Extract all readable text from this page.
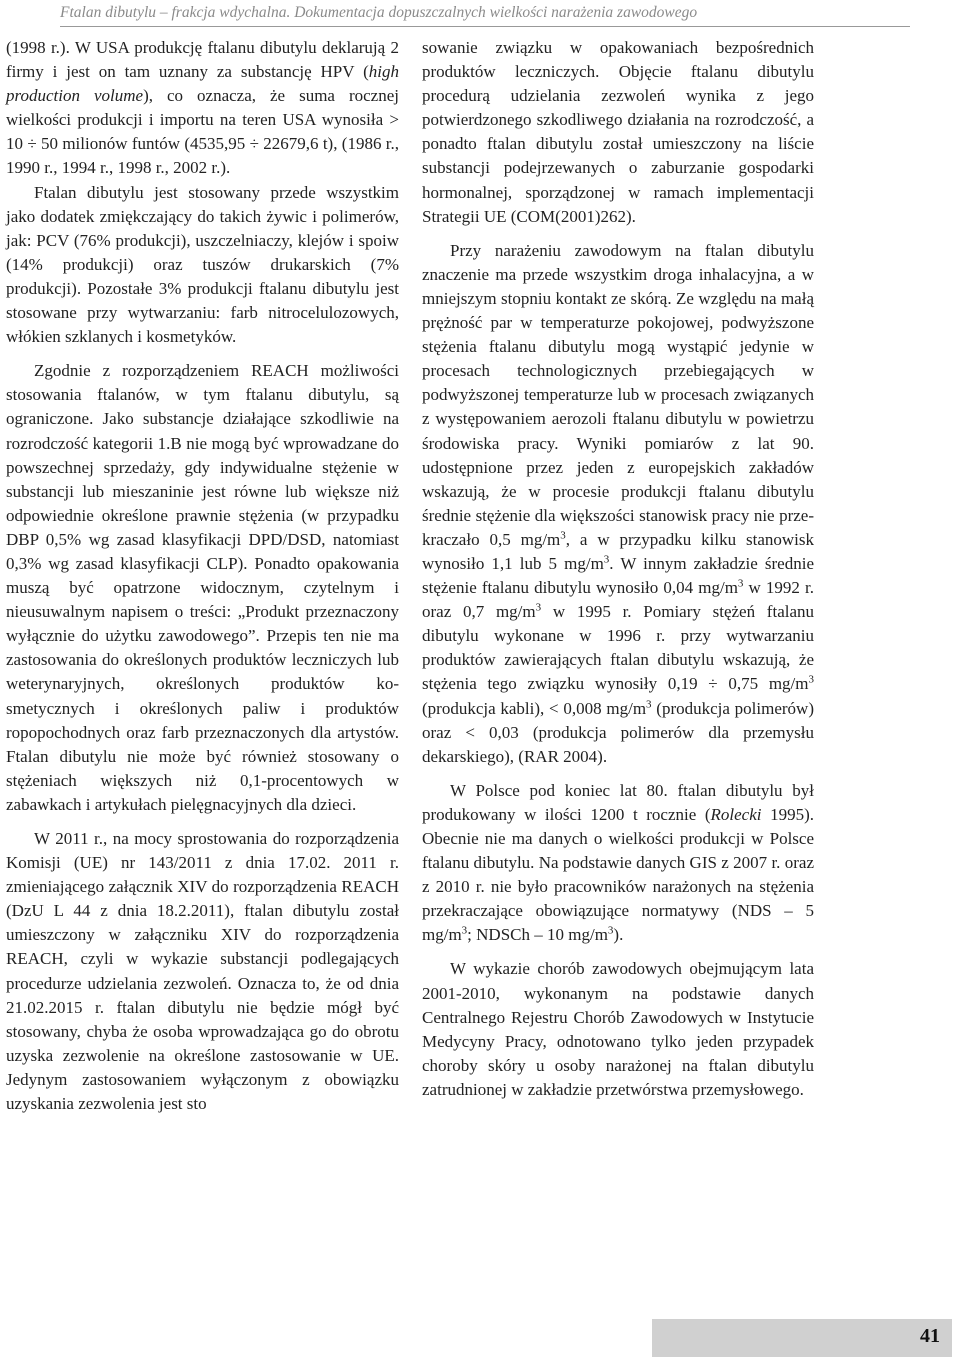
Ftalan dibutylu – frakcja wdychalna. Dokumentacja dopuszczalnych wielkości narażenia zawodowego

(1998 r.). W USA produkcję ftalanu dibutylu deklarują 2 firmy i jest on tam uznany za substancję HPV (high production volume), co oznacza, że suma rocznej wielkości produkcji i importu na teren USA wynosiła > 10 ÷ 50 milionów funtów (4535,95 ÷ 22679,6 t), (1986 r., 1990 r., 1994 r., 1998 r., 2002 r.).

Ftalan dibutylu jest stosowany przede wszystkim jako dodatek zmiękczający do takich żywic i polimerów, jak: PCV (76% produkcji), uszczelniaczy, klejów i spoiw (14% produkcji) oraz tuszów drukarskich (7% produkcji). Pozostałe 3% produkcji ftalanu dibutylu jest stosowane przy wytwarzaniu: farb nitrocelulozowych, włókien szklanych i kosmetyków.

Zgodnie z rozporządzeniem REACH możliwości stosowania ftalanów, w tym ftalanu dibutylu, są ograniczone. Jako substancje działające szkodliwie na rozrodczość kategorii 1.B nie mogą być wprowadzane do powszechnej sprzedaży, gdy indywidualne stężenie w substancji lub mieszaninie jest równe lub większe niż odpowiednie określone prawnie stężenia (w przypadku DBP 0,5% wg zasad klasyfikacji DPD/DSD, natomiast 0,3% wg zasad klasyfikacji CLP). Ponadto opakowania muszą być opatrzone widocznym, czytelnym i nieusuwalnym napisem o treści: „Produkt przeznaczony wyłącznie do użytku zawodowego”. Przepis ten nie ma zastosowania do określonych produktów leczniczych lub weterynaryjnych, określonych produktów kosmetycznych i określonych paliw i produktów ropopochodnych oraz farb przeznaczonych dla artystów. Ftalan dibutylu nie może być również stosowany o stężeniach większych niż 0,1-procentowych w zabawkach i artykułach pielęgnacyjnych dla dzieci.

W 2011 r., na mocy sprostowania do rozporządzenia Komisji (UE) nr 143/2011 z dnia 17.02. 2011 r. zmieniającego załącznik XIV do rozporządzenia REACH (DzU L 44 z dnia 18.2.2011), ftalan dibutylu został umieszczony w załączniku XIV do rozporządzenia REACH, czyli w wykazie substancji podlegających procedurze udzielania zezwoleń. Oznacza to, że od dnia 21.02.2015 r. ftalan dibutylu nie będzie mógł być stosowany, chyba że osoba wprowadzająca go do obrotu uzyska zezwolenie na określone zastosowanie w UE. Jedynym zastosowaniem wyłączonym z obowiązku uzyskania zezwolenia jest sto

sowanie związku w opakowaniach bezpośrednich produktów leczniczych. Objęcie ftalanu dibutylu procedurą udzielania zezwoleń wynika z jego potwierdzonego szkodliwego działania na rozrodczość, a ponadto ftalan dibutylu został umieszczony na liście substancji podejrzewanych o zaburzanie gospodarki hormonalnej, sporządzonej w ramach implementacji Strategii UE (COM(2001)262).

Przy narażeniu zawodowym na ftalan dibutylu znaczenie ma przede wszystkim droga inhalacyjna, a w mniejszym stopniu kontakt ze skórą. Ze względu na małą prężność par w temperaturze pokojowej, podwyższone stężenia ftalanu dibutylu mogą wystąpić jedynie w procesach technologicznych przebiegających w podwyższonej temperaturze lub w procesach związanych z występowaniem aerozoli ftalanu dibutylu w powietrzu środowiska pracy. Wyniki pomiarów z lat 90. udostępnione przez jeden z europejskich zakładów wskazują, że w procesie produkcji ftalanu dibutylu średnie stężenie dla większości stanowisk pracy nie przekraczało 0,5 $mg/m^3$, a w przypadku kilku stanowisk wynosiło 1,1 lub 5 $mg/m^3$. W innym zakładzie średnie stężenie ftalanu dibutylu wynosiło 0,04 $mg/m^3$ w 1992 r. oraz 0,7 $mg/m^3$ w 1995 r. Pomiary stężeń ftalanu dibutylu wykonane w 1996 r. przy wytwarzaniu produktów zawierających ftalan dibutylu wskazują, że stężenia tego związku wynosiły 0,19 ÷ 0,75 $mg/m^3$ (produkcja kabli), < 0,008 $mg/m^3$ (produkcja polimerów) oraz < 0,03 (produkcja polimerów dla przemysłu dekarskiego), (RAR 2004).

W Polsce pod koniec lat 80. ftalan dibutylu był produkowany w ilości 1200 t rocznie (Rolecki 1995). Obecnie nie ma danych o wielkości produkcji w Polsce ftalanu dibutylu. Na podstawie danych GIS z 2007 r. oraz z 2010 r. nie było pracowników narażonych na stężenia przekraczające obowiązujące normatywy (NDS – 5 $mg/m^3$; NDSCh – 10 $mg/m^3$).

W wykazie chorób zawodowych obejmującym lata 2001-2010, wykonanym na podstawie danych Centralnego Rejestru Chorób Zawodowych w Instytucie Medycyny Pracy, odnotowano tylko jeden przypadek choroby skóry u osoby narażonej na ftalan dibutylu zatrudnionej w zakładzie przetwórstwa przemysłowego.

41
